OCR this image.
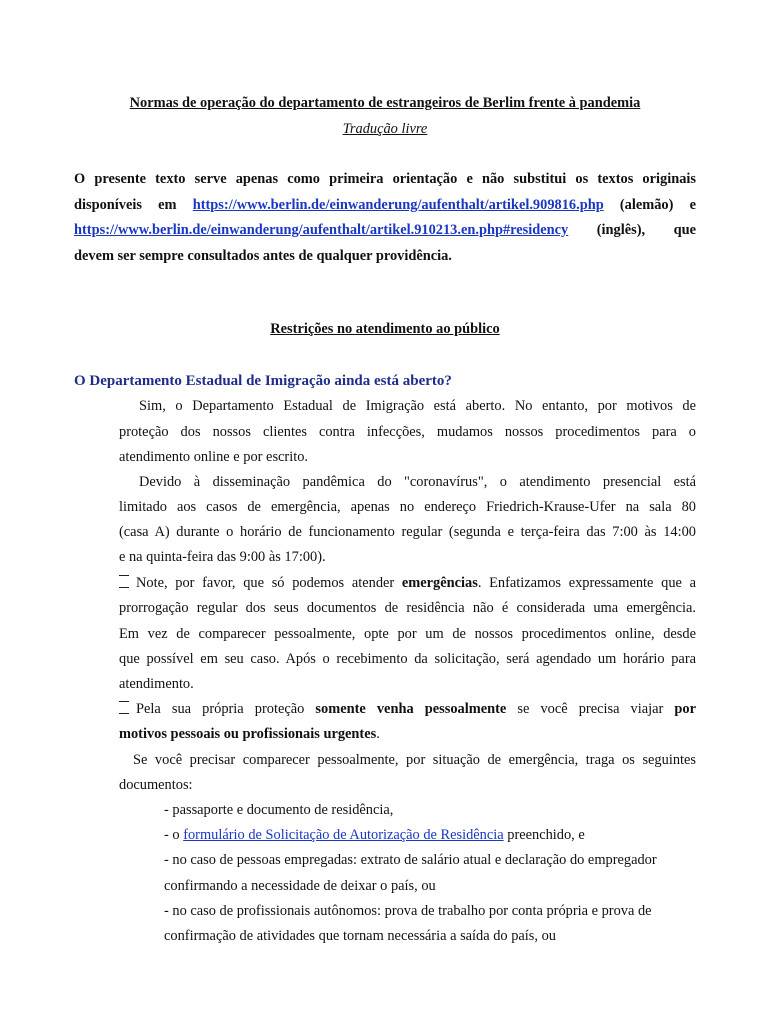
Normas de operação do departamento de estrangeiros de Berlim frente à pandemia
Tradução livre
O presente texto serve apenas como primeira orientação e não substitui os textos originais
disponíveis em https://www.berlin.de/einwanderung/aufenthalt/artikel.909816.php (alemão) e
https://www.berlin.de/einwanderung/aufenthalt/artikel.910213.en.php#residency (inglês), que
devem ser sempre consultados antes de qualquer providência.
Restrições no atendimento ao público
O Departamento Estadual de Imigração ainda está aberto?
Sim, o Departamento Estadual de Imigração está aberto. No entanto, por motivos de
proteção dos nossos clientes contra infecções, mudamos nossos procedimentos para o
atendimento online e por escrito.
Devido à disseminação pandêmica do "coronavírus", o atendimento presencial está
limitado aos casos de emergência, apenas no endereço Friedrich-Krause-Ufer na sala 80
(casa A) durante o horário de funcionamento regular (segunda e terça-feira das 7:00 às 14:00
e na quinta-feira das 9:00 às 17:00).
Note, por favor, que só podemos atender emergências. Enfatizamos expressamente que a
prorrogação regular dos seus documentos de residência não é considerada uma emergência.
Em vez de comparecer pessoalmente, opte por um de nossos procedimentos online, desde
que possível em seu caso. Após o recebimento da solicitação, será agendado um horário para
atendimento.
Pela sua própria proteção somente venha pessoalmente se você precisa viajar por
motivos pessoais ou profissionais urgentes.
Se você precisar comparecer pessoalmente, por situação de emergência, traga os seguintes
documentos:
- passaporte e documento de residência,
- o formulário de Solicitação de Autorização de Residência preenchido, e
- no caso de pessoas empregadas: extrato de salário atual e declaração do empregador
confirmando a necessidade de deixar o país, ou
- no caso de profissionais autônomos: prova de trabalho por conta própria e prova de
confirmação de atividades que tornam necessária a saída do país, ou
